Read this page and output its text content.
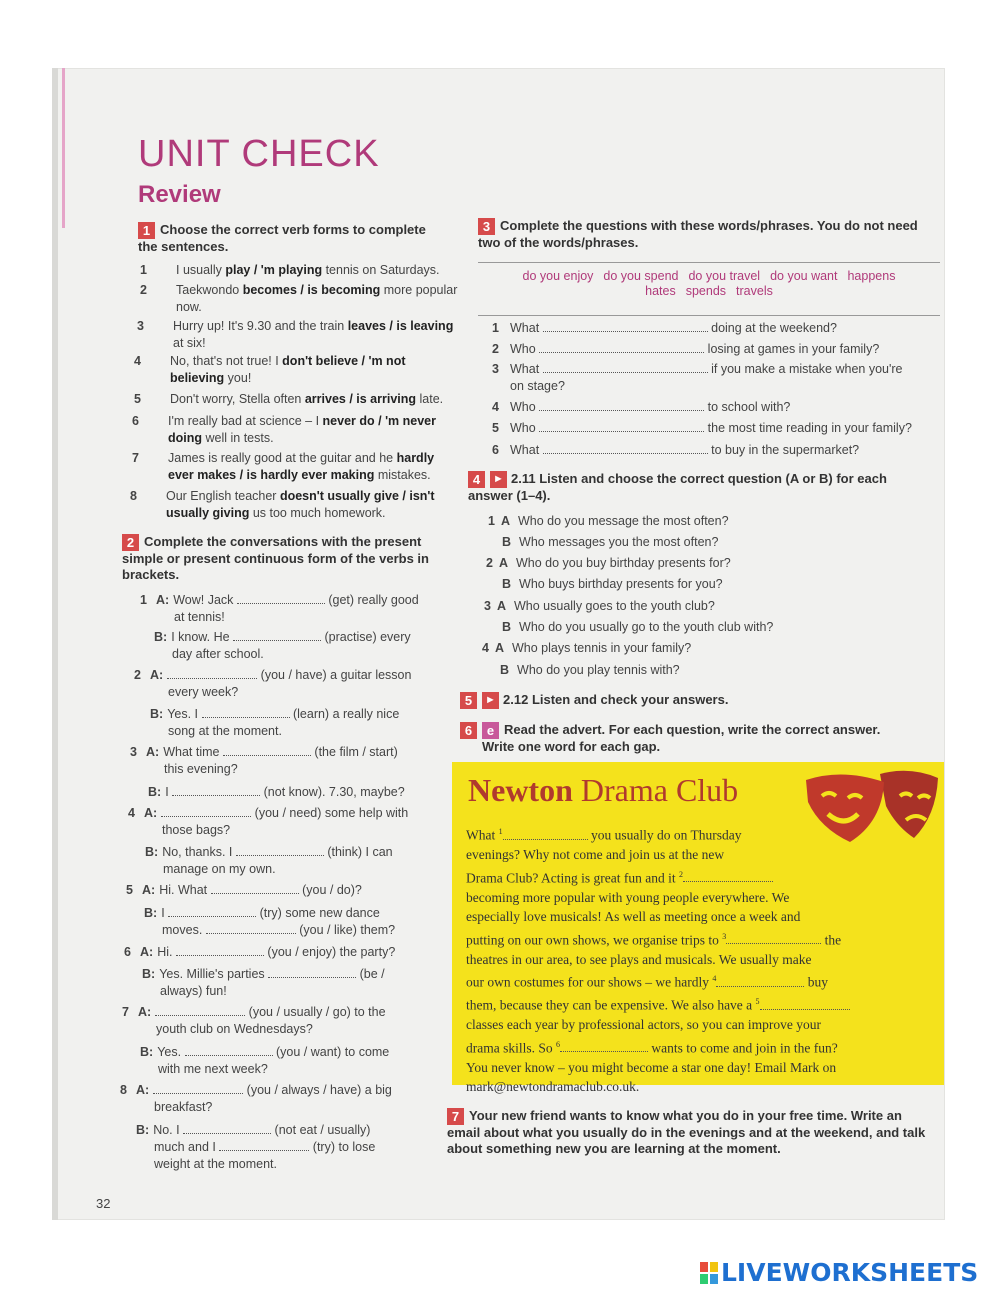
UNIT CHECK
Review
1 Choose the correct verb forms to complete the sentences.
1 I usually play / 'm playing tennis on Saturdays.
2 Taekwondo becomes / is becoming more popular now.
3 Hurry up! It's 9.30 and the train leaves / is leaving at six!
4 No, that's not true! I don't believe / 'm not believing you!
5 Don't worry, Stella often arrives / is arriving late.
6 I'm really bad at science – I never do / 'm never doing well in tests.
7 James is really good at the guitar and he hardly ever makes / is hardly ever making mistakes.
8 Our English teacher doesn't usually give / isn't usually giving us too much homework.
2 Complete the conversations with the present simple or present continuous form of the verbs in brackets.
1 A: Wow! Jack	(get) really good
at tennis!
B: I know. He	(practise) every
day after school.
2 A:	(you / have) a guitar lesson
every week?
B: Yes. I	(learn) a really nice
song at the moment.
3 A: What time	(the film / start)
this evening?
B: I	(not know). 7.30, maybe?
4 A:	(you / need) some help with
those bags?
B: No, thanks. I	(think) I can
manage on my own.
5 A: Hi. What	(you / do)?
B: I	(try) some new dance
moves.	(you / like) them?
6 A: Hi.	(you / enjoy) the party?
B: Yes. Millie's parties	(be /
always) fun!
7 A:	(you / usually / go) to the
youth club on Wednesdays?
B: Yes.	(you / want) to come
with me next week?
8 A:	(you / always / have) a big
breakfast?
B: No. I	(not eat / usually)
much and I	(try) to lose
weight at the moment.
3 Complete the questions with these words/phrases. You do not need two of the words/phrases.
do you enjoy do you spend do you travel do you want happens
hates spends travels
1 What	doing at the weekend?
2 Who	losing at games in your family?
3 What	if you make a mistake when you're
on stage?
4 Who	to school with?
5 Who	the most time reading in your family?
6 What	to buy in the supermarket?
4 ► 2.11 Listen and choose the correct question (A or B) for each answer (1–4).
1 A Who do you message the most often?
B Who messages you the most often?
2 A Who do you buy birthday presents for?
B Who buys birthday presents for you?
3 A Who usually goes to the youth club?
B Who do you usually go to the youth club with?
4 A Who plays tennis in your family?
B Who do you play tennis with?
5 ► 2.12 Listen and check your answers.
6 e Read the advert. For each question, write the correct answer.
Write one word for each gap.
Newton Drama Club
What $^1$	you usually do on Thursday
evenings? Why not come and join us at the new
Drama Club? Acting is great fun and it $^2$
becoming more popular with young people everywhere. We
especially love musicals! As well as meeting once a week and
putting on our own shows, we organise trips to $^3$	the
theatres in our area, to see plays and musicals. We usually make
our own costumes for our shows – we hardly $^4$	buy
them, because they can be expensive. We also have a $^5$
classes each year by professional actors, so you can improve your
drama skills. So $^6$	wants to come and join in the fun?
You never know – you might become a star one day! Email Mark on
mark@newtondramaclub.co.uk.
7 Your new friend wants to know what you do in your free time. Write an email about what you usually do in the evenings and at the weekend, and talk about something new you are learning at the moment.
32
LIVEWORKSHEETS
